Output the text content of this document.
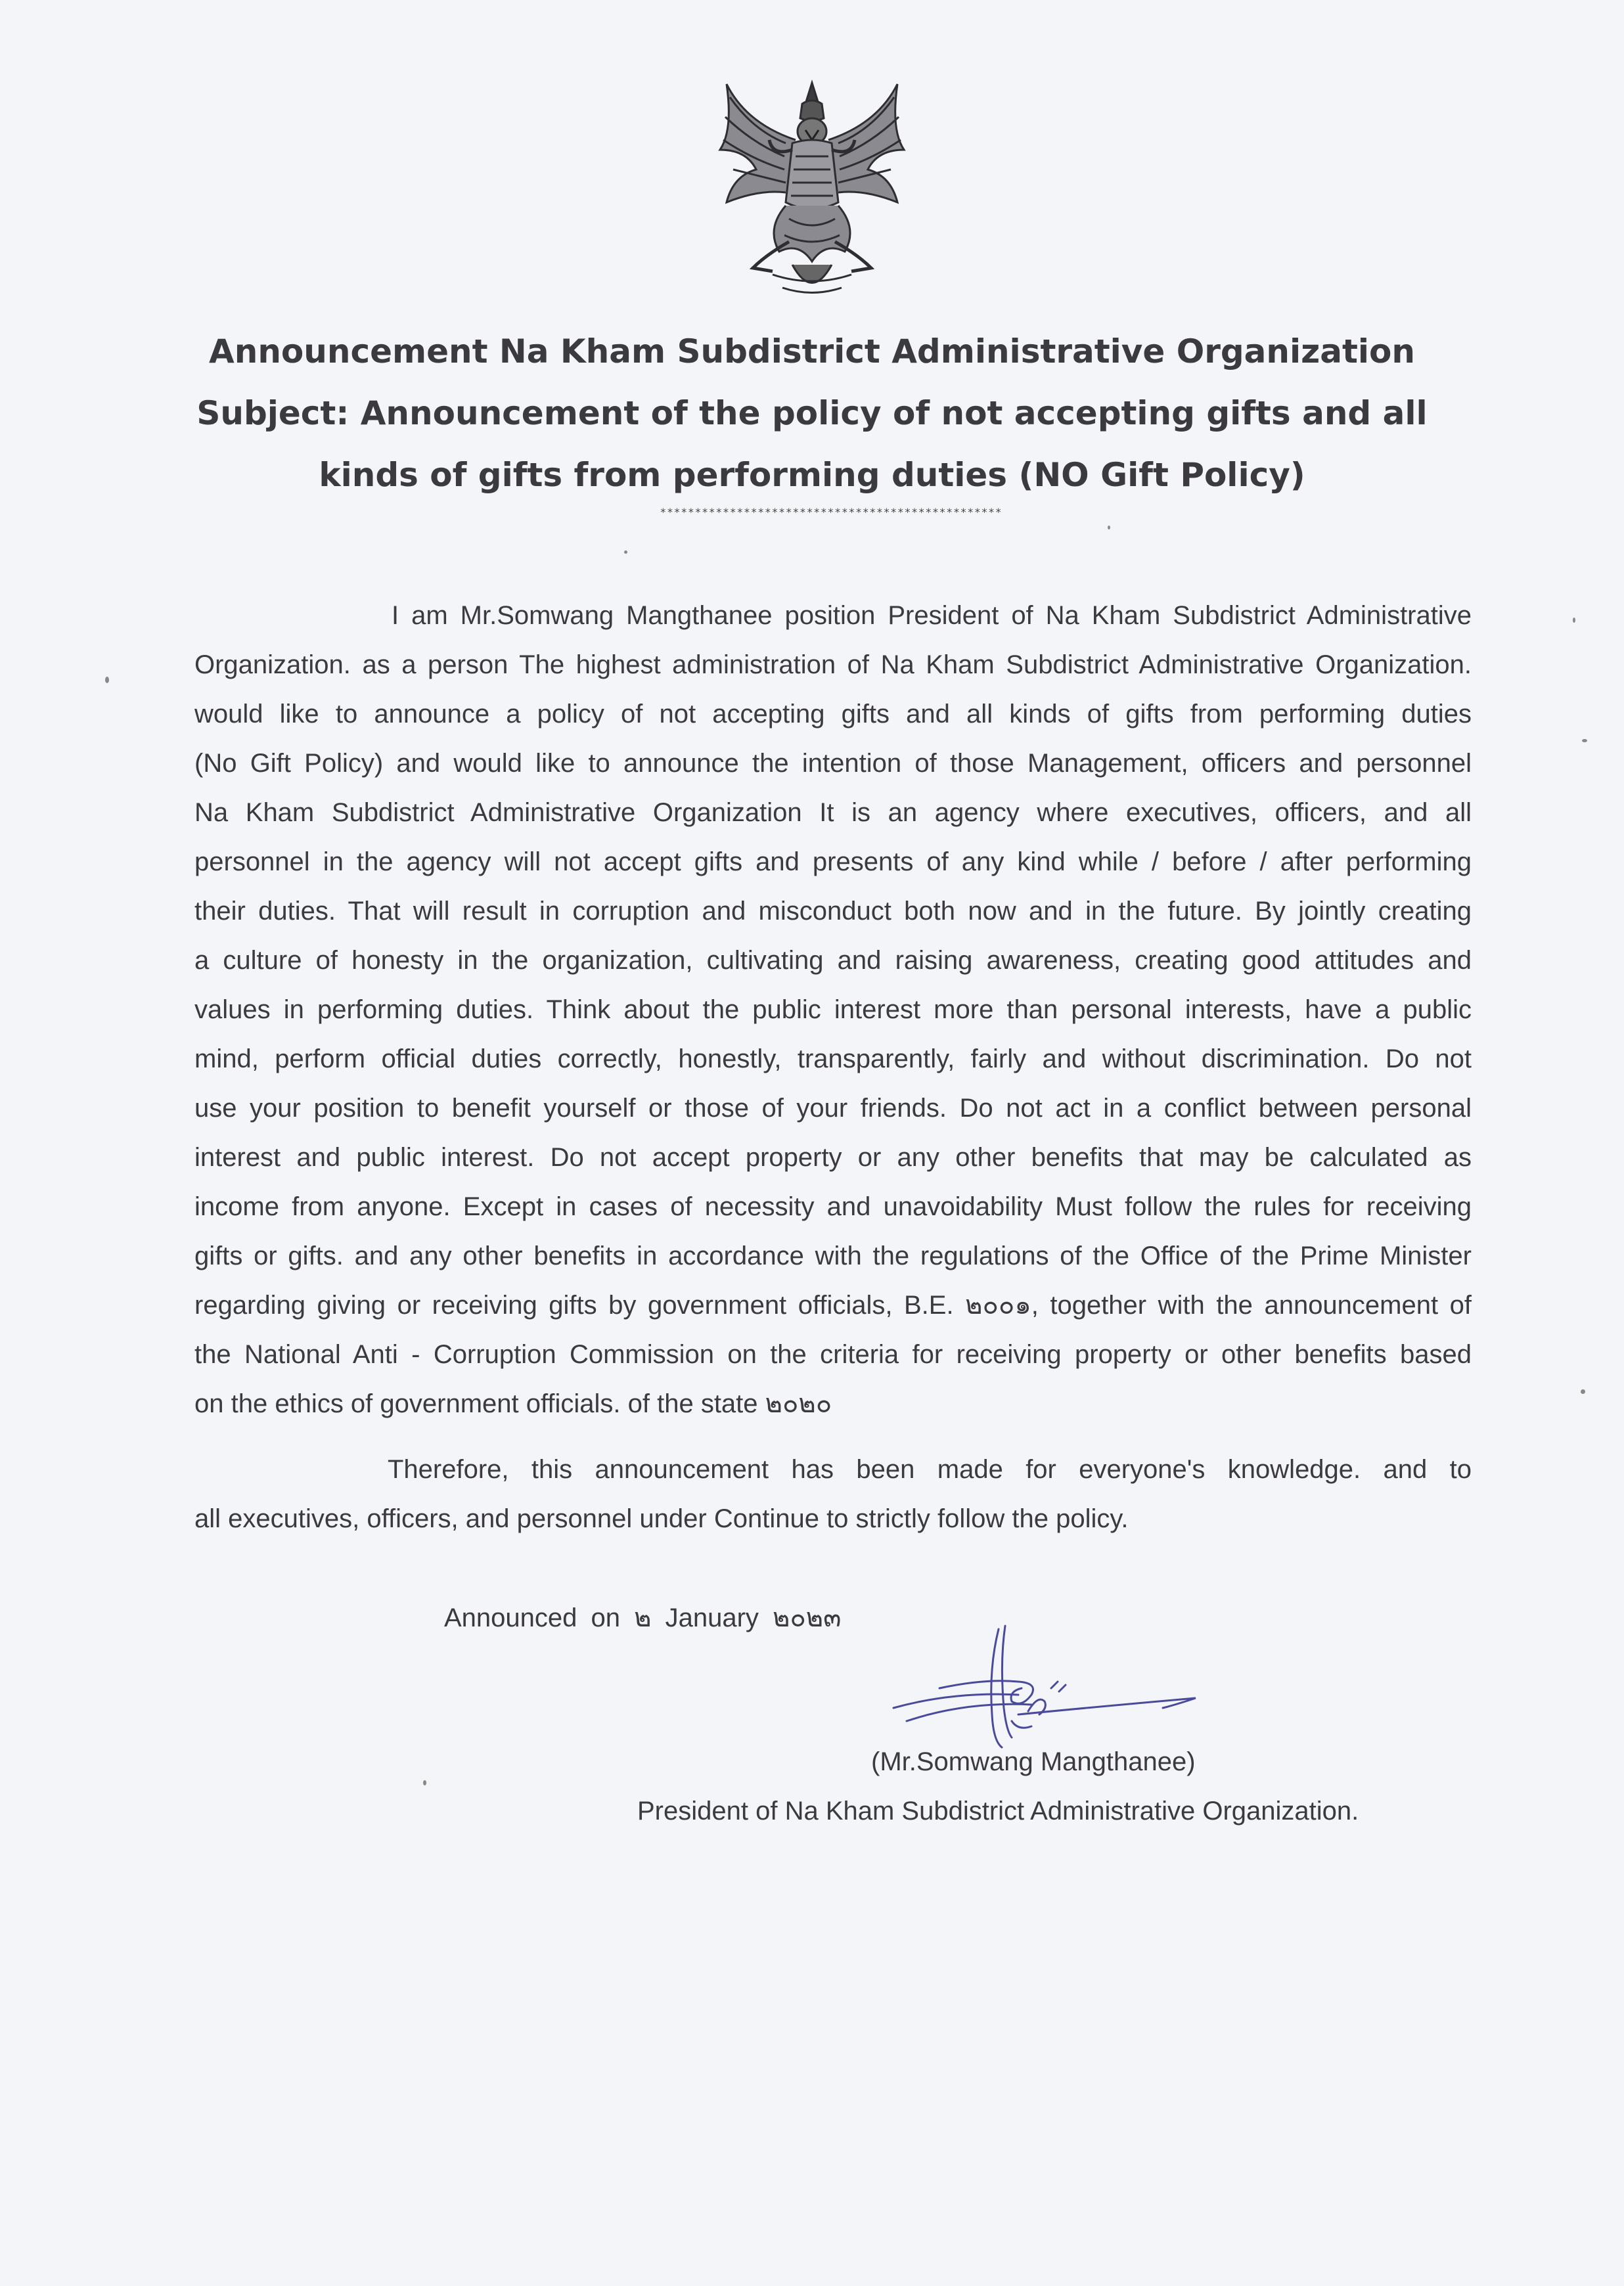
Announcement Na Kham Subdistrict Administrative Organization
Subject: Announcement of the policy of not accepting gifts and all
kinds of gifts from performing duties (NO Gift Policy)
*************************************************
I am Mr.Somwang Mangthanee position President of Na Kham Subdistrict Administrative
Organization. as a person The highest administration of Na Kham Subdistrict Administrative Organization.
would like to announce a policy of not accepting gifts and all kinds of gifts from performing duties
(No Gift Policy) and would like to announce the intention of those Management, officers and personnel
Na Kham Subdistrict Administrative Organization It is an agency where executives, officers, and all
personnel in the agency will not accept gifts and presents of any kind while / before / after performing
their duties. That will result in corruption and misconduct both now and in the future. By jointly creating
a culture of honesty in the organization, cultivating and raising awareness, creating good attitudes and
values in performing duties. Think about the public interest more than personal interests, have a public
mind, perform official duties correctly, honestly, transparently, fairly and without discrimination. Do not
use your position to benefit yourself or those of your friends. Do not act in a conflict between personal
interest and public interest. Do not accept property or any other benefits that may be calculated as
income from anyone. Except in cases of necessity and unavoidability Must follow the rules for receiving
gifts or gifts. and any other benefits in accordance with the regulations of the Office of the Prime Minister
regarding giving or receiving gifts by government officials, B.E. ๒๐๐๑, together with the announcement of
the National Anti - Corruption Commission on the criteria for receiving property or other benefits based
on the ethics of government officials. of the state ๒๐๒๐
Therefore, this announcement has been made for everyone's knowledge. and to
all executives, officers, and personnel under Continue to strictly follow the policy.
Announced on ๒ January ๒๐๒๓
(Mr.Somwang Mangthanee)
President of Na Kham Subdistrict Administrative Organization.
